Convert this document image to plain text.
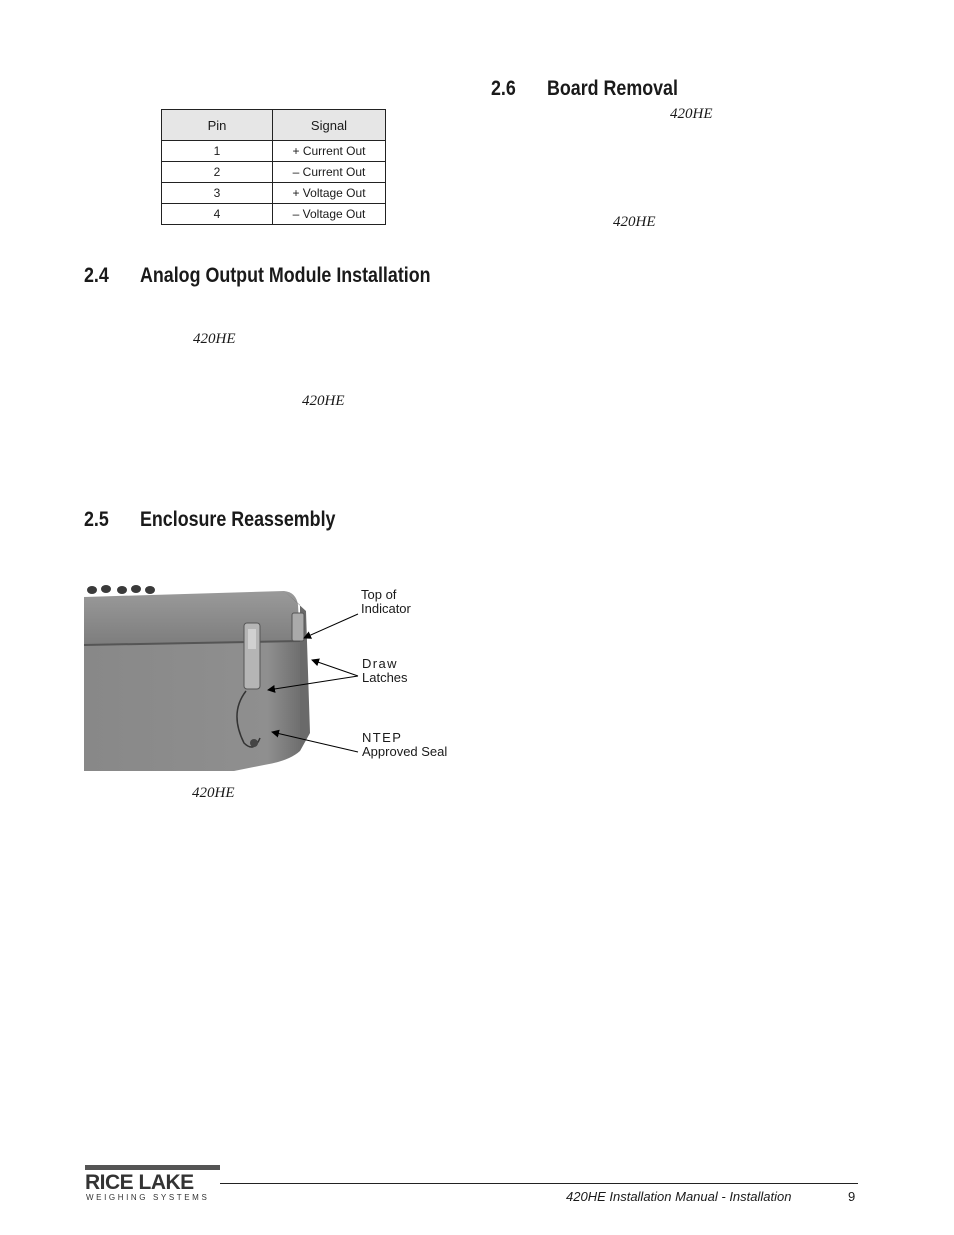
Pin	Signal
1	+ Current Out
2	– Current Out
3	+ Voltage Out
4	– Voltage Out
2.6 Board Removal
420HE
420HE
2.4 Analog Output Module Installation
420HE
420HE
2.5 Enclosure Reassembly
Top of
Indicator
Draw
Latches
NTEP
Approved Seal
420HE
RICE LAKE
WEIGHING SYSTEMS	420HE Installation Manual - Installation	9
